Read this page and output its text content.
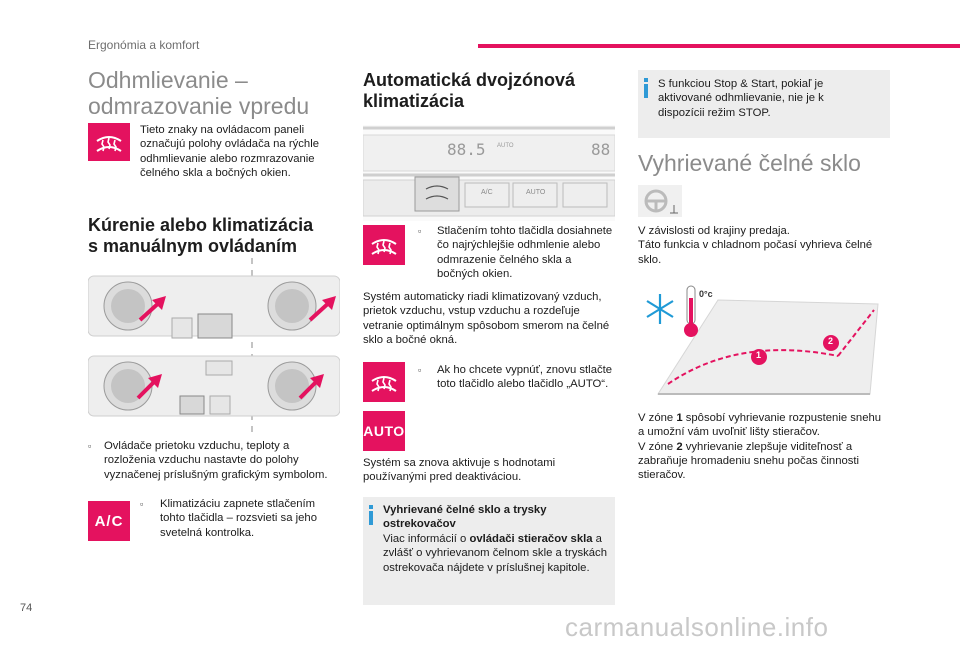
Ergonómia a komfort
Odhmlievanie –
odmrazovanie vpredu
Tieto znaky na ovládacom paneli označujú polohy ovládača na rýchle odhmlievanie alebo rozmrazovanie čelného skla a bočných okien.
Kúrenie alebo klimatizácia
s manuálnym ovládaním
▫ Ovládače prietoku vzduchu, teploty a rozloženia vzduchu nastavte do polohy vyznačenej príslušným grafickým symbolom.
A/C
▫ Klimatizáciu zapnete stlačením tohto tlačidla – rozsvieti sa jeho svetelná kontrolka.
Automatická dvojzónová
klimatizácia
88.5 AUTO	88
A/C	AUTO
▫ Stlačením tohto tlačidla dosiahnete čo najrýchlejšie odhmlenie alebo odmrazenie čelného skla a bočných okien.
Systém automaticky riadi klimatizovaný vzduch, prietok vzduchu, vstup vzduchu a rozdeľuje vetranie optimálnym spôsobom smerom na čelné sklo a bočné okná.
▫ Ak ho chcete vypnúť, znovu stlačte toto tlačidlo alebo tlačidlo „AUTO“.
AUTO
Systém sa znova aktivuje s hodnotami používanými pred deaktiváciou.
Vyhrievané čelné sklo a trysky ostrekovačov
Viac informácií o ovládači stieračov skla a zvlášť o vyhrievanom čelnom skle a tryskách ostrekovača nájdete v príslušnej kapitole.
S funkciou Stop & Start, pokiaľ je aktivované odhmlievanie, nie je k dispozícii režim STOP.
Vyhrievané čelné sklo
V závislosti od krajiny predaja.
Táto funkcia v chladnom počasí vyhrieva čelné sklo.
0°c
1
2
V zóne 1 spôsobí vyhrievanie rozpustenie snehu a umožní vám uvoľniť lišty stieračov.
V zóne 2 vyhrievanie zlepšuje viditeľnosť a zabraňuje hromadeniu snehu počas činnosti stieračov.
74
carmanualsonline.info
